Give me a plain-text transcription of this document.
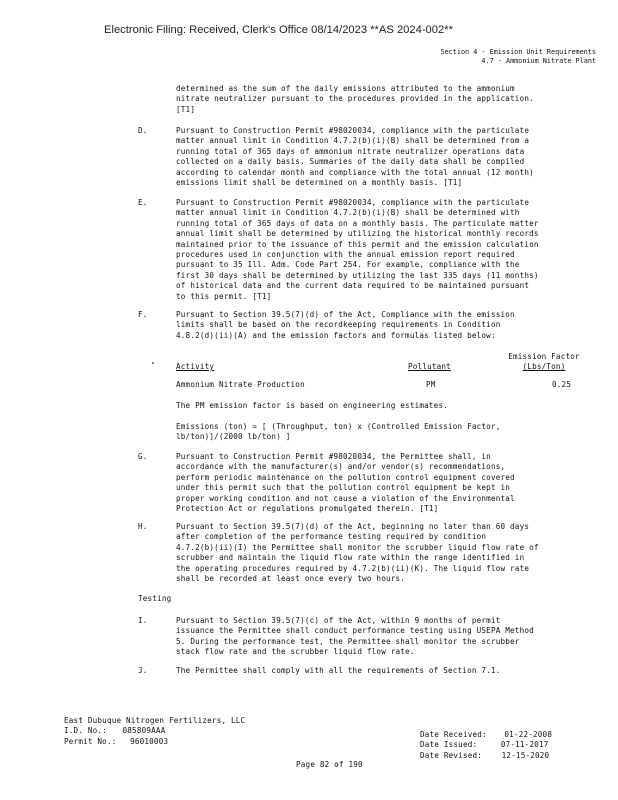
Electronic Filing: Received, Clerk's Office 08/14/2023 **AS 2024-002**
Section 4 - Emission Unit Requirements
4.7 - Ammonium Nitrate Plant

determined as the sum of the daily emissions attributed to the ammonium

nitrate neutralizer pursuant to the procedures provided in the application.

[T1]

D.	Pursuant to Construction Permit #98020034, compliance with the particulate

matter annual limit in Condition 4.7.2(b)(i)(B) shall be determined from a

running total of 365 days of ammonium nitrate neutralizer operations data

collected on a daily basis. Summaries of the daily data shall be compiled

according to calendar month and compliance with the total annual (12 month)

emissions limit shall be determined on a monthly basis. [T1]

E.	Pursuant to Construction Permit #98020034, compliance with the particulate

matter annual limit in Condition 4.7.2(b)(i)(B) shall be determined with

running total of 365 days of data on a monthly basis. The particulate matter

annual limit shall be determined by utilizing the historical monthly records

maintained prior to the issuance of this permit and the emission calculation

procedures used in conjunction with the annual emission report required

pursuant to 35 Ill. Adm. Code Part 254. For example, compliance with the

first 30 days shall be determined by utilizing the last 335 days (11 months)

of historical data and the current data required to be maintained pursuant

to this permit. [T1]

F.	Pursuant to Section 39.5(7)(d) of the Act, Compliance with the emission

limits shall be based on the recordkeeping requirements in Condition

4.8.2(d)(ii)(A) and the emission factors and formulas listed below:

Emission Factor
(Lbs/Ton)
Activity	Pollutant
Ammonium Nitrate Production	PM	0.25
The PM emission factor is based on engineering estimates.

Emissions (ton) = [ (Throughput, ton) x (Controlled Emission Factor,

lb/ton)]/(2000 lb/ton) ]

G.	Pursuant to Construction Permit #98020034, the Permittee shall, in

accordance with the manufacturer(s) and/or vendor(s) recommendations,

perform periodic maintenance on the pollution control equipment covered

under this permit such that the pollution control equipment be kept in

proper working condition and not cause a violation of the Environmental

Protection Act or regulations promulgated therein. [T1]

H.	Pursuant to Section 39.5(7)(d) of the Act, beginning no later than 60 days

after completion of the performance testing required by condition

4.7.2(b)(ii)(I) the Permittee shall monitor the scrubber liquid flow rate of

scrubber and maintain the liquid flow rate within the range identified in

the operating procedures required by 4.7.2(b)(ii)(K). The liquid flow rate

shall be recorded at least once every two hours.

Testing
I.	Pursuant to Section 39.5(7)(c) of the Act, within 9 months of permit

issuance the Permittee shall conduct performance testing using USEPA Method

5. During the performance test, the Permittee shall monitor the scrubber

stack flow rate and the scrubber liquid flow rate.

J.	The Permittee shall comply with all the requirements of Section 7.1.

East Dubuque Nitrogen Fertilizers, LLC
I.D. No.: 085809AAA
Permit No.: 96010003
Date Received: 01-22-2008
Date Issued:	07-11-2017
Date Revised:	12-15-2020
Page 82 of 190
